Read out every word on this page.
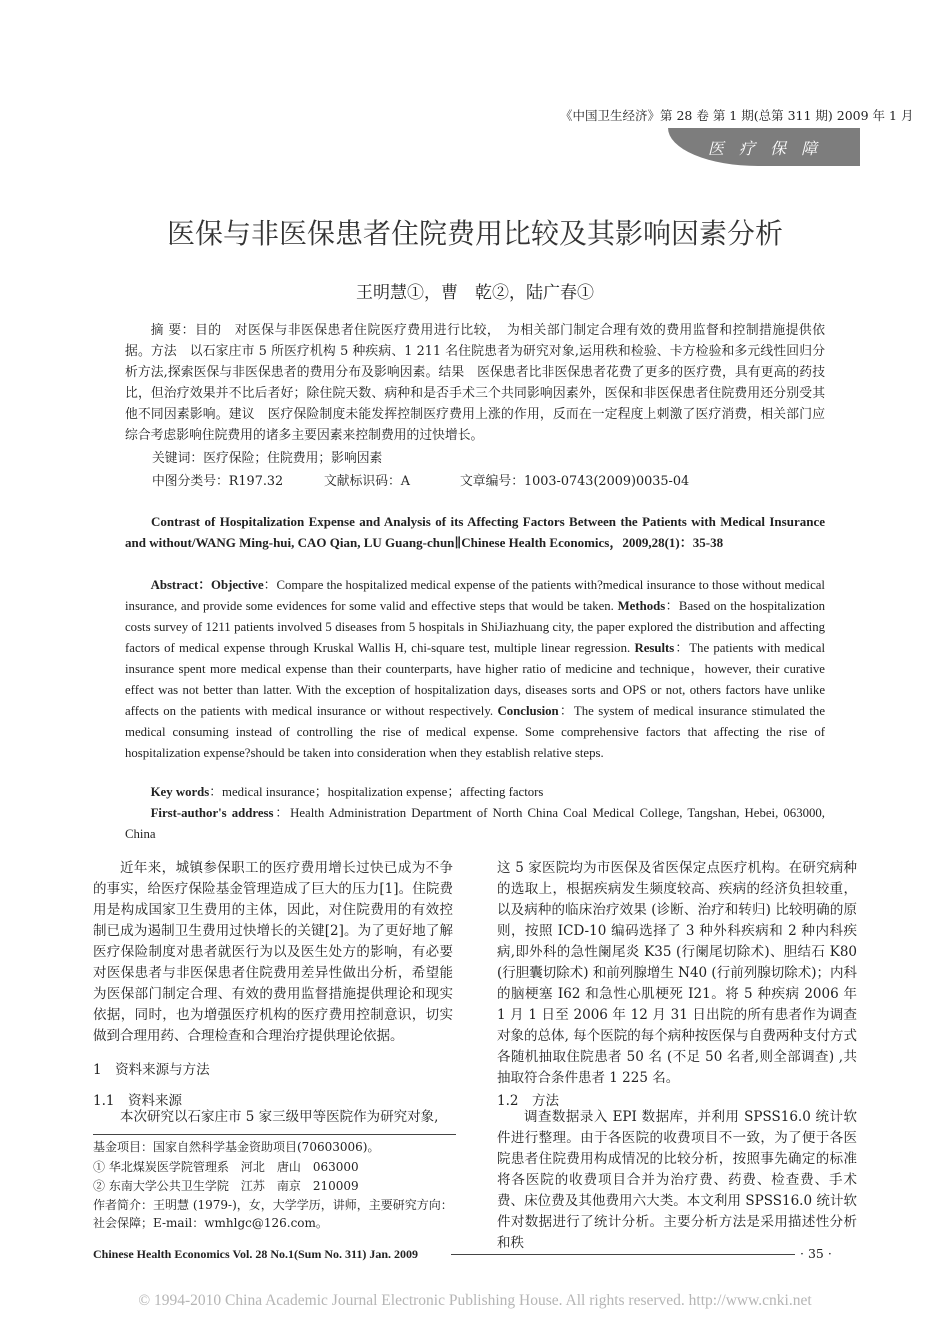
《中国卫生经济》第 28 卷 第 1 期(总第 311 期) 2009 年 1 月
医 疗 保 障
医保与非医保患者住院费用比较及其影响因素分析
王明慧①，曹　乾②，陆广春①
摘 要：目的　对医保与非医保患者住院医疗费用进行比较，　为相关部门制定合理有效的费用监督和控制措施提供依据。方法　以石家庄市 5 所医疗机构 5 种疾病、1 211 名住院患者为研究对象,运用秩和检验、卡方检验和多元线性回归分析方法,探索医保与非医保患者的费用分布及影响因素。结果　医保患者比非医保患者花费了更多的医疗费，具有更高的药技比，但治疗效果并不比后者好；除住院天数、病种和是否手术三个共同影响因素外，医保和非医保患者住院费用还分别受其他不同因素影响。建议　医疗保险制度未能发挥控制医疗费用上涨的作用，反而在一定程度上刺激了医疗消费，相关部门应综合考虑影响住院费用的诸多主要因素来控制费用的过快增长。
关键词：医疗保险；住院费用；影响因素
中图分类号：R197.32	文献标识码：A	文章编号：1003-0743(2009)0035-04
Contrast of Hospitalization Expense and Analysis of its Affecting Factors Between the Patients with Medical Insurance and without/WANG Ming-hui, CAO Qian, LU Guang-chun∥Chinese Health Economics，2009,28(1)：35-38
Abstract：Objective：Compare the hospitalized medical expense of the patients with?medical insurance to those without medical insurance, and provide some evidences for some valid and effective steps that would be taken. Methods：Based on the hospitalization costs survey of 1211 patients involved 5 diseases from 5 hospitals in ShiJiazhuang city, the paper explored the distribution and affecting factors of medical expense through Kruskal Wallis H, chi-square test, multiple linear regression. Results：The patients with medical insurance spent more medical expense than their counterparts, have higher ratio of medicine and technique，however, their curative effect was not better than latter. With the exception of hospitalization days, diseases sorts and OPS or not, others factors have unlike affects on the patients with medical insurance or without respectively. Conclusion：The system of medical insurance stimulated the medical consuming instead of controlling the rise of medical expense. Some comprehensive factors that affecting the rise of hospitalization expense?should be taken into consideration when they establish relative steps.
Key words：medical insurance；hospitalization expense；affecting factors
First-author's address：Health Administration Department of North China Coal Medical College, Tangshan, Hebei, 063000, China
近年来，城镇参保职工的医疗费用增长过快已成为不争的事实，给医疗保险基金管理造成了巨大的压力[1]。住院费用是构成国家卫生费用的主体，因此，对住院费用的有效控制已成为遏制卫生费用过快增长的关键[2]。为了更好地了解医疗保险制度对患者就医行为以及医生处方的影响，有必要对医保患者与非医保患者住院费用差异性做出分析，希望能为医保部门制定合理、有效的费用监督措施提供理论和现实依据，同时，也为增强医疗机构的医疗费用控制意识，切实做到合理用药、合理检查和合理治疗提供理论依据。
1　资料来源与方法
1.1　资料来源
本次研究以石家庄市 5 家三级甲等医院作为研究对象,
基金项目：国家自然科学基金资助项目(70603006)。
① 华北煤炭医学院管理系　河北　唐山　063000
② 东南大学公共卫生学院　江苏　南京　210009
作者简介：王明慧 (1979-)，女，大学学历，讲师，主要研究方向：社会保障；E-mail：wmhlgc@126.com。
这 5 家医院均为市医保及省医保定点医疗机构。在研究病种的选取上，根据疾病发生频度较高、疾病的经济负担较重，以及病种的临床治疗效果 (诊断、治疗和转归) 比较明确的原则，按照 ICD-10 编码选择了 3 种外科疾病和 2 种内科疾病,即外科的急性阑尾炎 K35 (行阑尾切除术)、胆结石 K80 (行胆囊切除术) 和前列腺增生 N40 (行前列腺切除术)；内科的脑梗塞 I62 和急性心肌梗死 I21。将 5 种疾病 2006 年 1 月 1 日至 2006 年 12 月 31 日出院的所有患者作为调查对象的总体, 每个医院的每个病种按医保与自费两种支付方式各随机抽取住院患者 50 名 (不足 50 名者,则全部调查) ,共抽取符合条件患者 1 225 名。
1.2　方法
调查数据录入 EPI 数据库，并利用 SPSS16.0 统计软件进行整理。由于各医院的收费项目不一致，为了便于各医院患者住院费用构成情况的比较分析，按照事先确定的标准将各医院的收费项目合并为治疗费、药费、检查费、手术费、床位费及其他费用六大类。本文利用 SPSS16.0 统计软件对数据进行了统计分析。主要分析方法是采用描述性分析和秩
Chinese Health Economics Vol. 28 No.1(Sum No. 311) Jan. 2009	· 35 ·
© 1994-2010 China Academic Journal Electronic Publishing House. All rights reserved. http://www.cnki.net
